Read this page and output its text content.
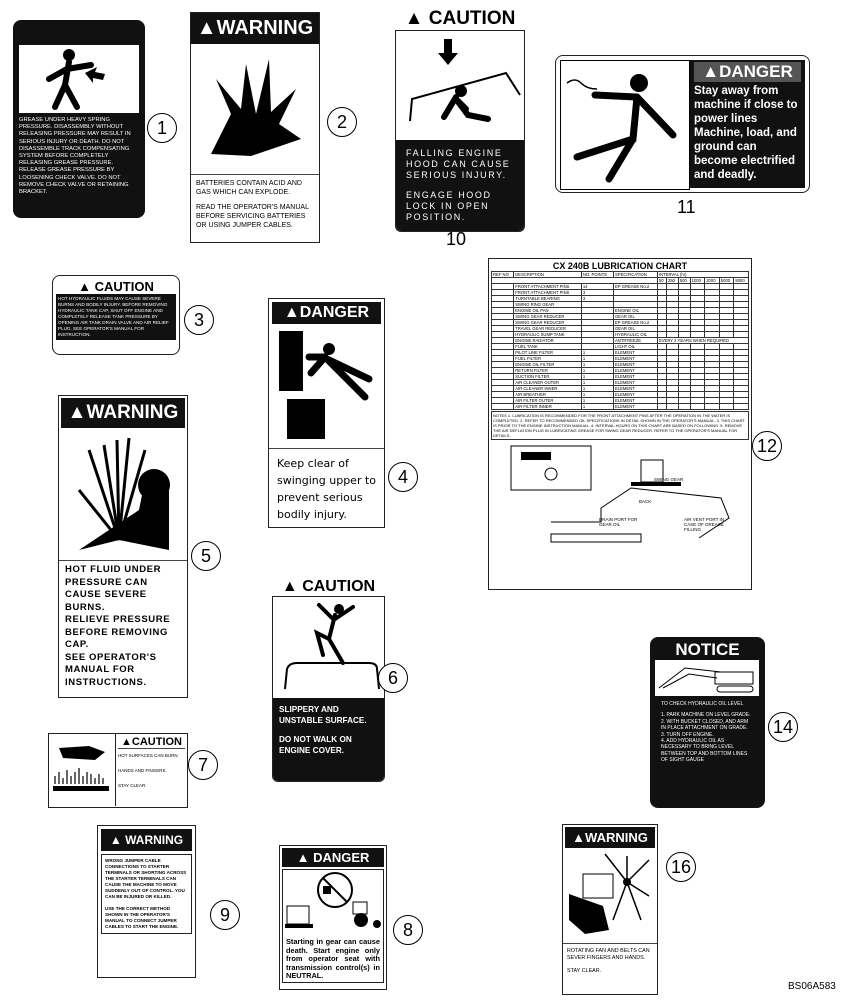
GREASE UNDER HEAVY SPRING PRESSURE. DISASSEMBLY WITHOUT RELEASING PRESSURE MAY RESULT IN SERIOUS INJURY OR DEATH. DO NOT DISASSEMBLE TRACK COMPENSATING SYSTEM BEFORE COMPLETELY RELEASING GREASE PRESSURE. RELEASE GREASE PRESSURE BY LOOSENING CHECK VALVE. DO NOT REMOVE CHECK VALVE OR RETAINING BRACKET.
1
▲WARNING
BATTERIES CONTAIN ACID AND GAS WHICH CAN EXPLODE.
READ THE OPERATOR'S MANUAL BEFORE SERVICING BATTERIES OR USING JUMPER CABLES.
2
▲ CAUTION
FALLING ENGINE HOOD CAN CAUSE SERIOUS INJURY.
ENGAGE HOOD LOCK IN OPEN POSITION.
10
▲DANGER
Stay away from machine if close to power lines Machine, load, and ground can become electrified and deadly.
11
▲ CAUTION
HOT HYDRAULIC FLUIDS MAY CAUSE SEVERE BURNS AND BODILY INJURY. BEFORE REMOVING HYDRAULIC TANK CAP, SHUT OFF ENGINE AND COMPLETELY RELEASE TANK PRESSURE BY OPENING AIR TANK DRAIN VALVE AND AIR RELIEF PLUG. SEE OPERATOR'S MANUAL FOR INSTRUCTION.
3	▲DANGER
Keep clear of swinging upper to prevent serious bodily injury.
4
▲WARNING
HOT FLUID UNDER PRESSURE CAN CAUSE SEVERE BURNS.
RELIEVE PRESSURE BEFORE REMOVING CAP.
SEE OPERATOR'S MANUAL FOR INSTRUCTIONS.
5
CX 240B LUBRICATION CHART
REF NO	DESCRIPTION	NO. POINTS	SPECIFICATION	INTERVAL (hr)						
				50	250	500	1000	2000	5000	8000
	FRONT ATTACHMENT PINS	14	EP GREASE No.2							
	FRONT ATTACHMENT PINS	3								
	TURNTABLE BEARING	3								
	SWING RING GEAR									
	ENGINE OIL PAN		ENGINE OIL							
	SWING GEAR REDUCER		GEAR OIL							
	SWING GEAR REDUCER		EP GREASE No.2							
	TRAVEL GEAR REDUCER		GEAR OIL							
	HYDRAULIC SUMP TANK		HYDRAULIC OIL							
	ENGINE RADIATOR		ANTIFREEZE	EVERY 2 YEARS WHEN REQUIRED						
	FUEL TANK		LIGHT OIL							
	PILOT LINE FILTER	1	ELEMENT							
	FUEL FILTER	1	ELEMENT							
	ENGINE OIL FILTER	1	ELEMENT							
	RETURN FILTER	1	ELEMENT							
	SUCTION FILTER	1	ELEMENT							
	AIR CLEANER OUTER	1	ELEMENT							
	AIR CLEANER INNER	1	ELEMENT							
	AIR BREATHER	1	ELEMENT							
	AIR FILTER OUTER	1	ELEMENT							
	AIR FILTER INNER	1	ELEMENT							
NOTES 1. LUBRICATION IS RECOMMENDED FOR THE FRONT ATTACHMENT PINS AFTER THE OPERATION IN THE WATER IS COMPLETED. 2. REFER TO RECOMMENDED OIL SPECIFICATIONS IN DETAIL SHOWN IN THE OPERATOR'S MANUAL. 3. THIS CHART IS PRIOR TO THE ENGINE INSTRUCTION MANUAL. 4. INTERVAL HOURS ON THIS CHART ARE BASED ON FOLLOWING. 5. REMOVE THE AIR DEFLATION PLUG IN LUBRICATING GREASE FOR SWING GEAR REDUCER. REFER TO THE OPERATOR'S MANUAL FOR DETAILS.
SWING GEAR REDUCER
BACK
DRAIN PORT FOR GEAR OIL
AIR VENT PORT IN CASE OF GREASE FILLING
12
▲ CAUTION
SLIPPERY AND UNSTABLE SURFACE.
DO NOT WALK ON ENGINE COVER.
6
▲CAUTION
HOT SURFACES CAN BURN
HANDS AND FINGERS.
STAY CLEAR.
7
NOTICE
TO CHECK HYDRAULIC OIL LEVEL
1. PARK MACHINE ON LEVEL GRADE.
2. WITH BUCKET CLOSED, AND ARM IN PLACE ATTACHMENT ON GRADE.
3. TURN OFF ENGINE.
4. ADD HYDRAULIC OIL AS NECESSARY TO BRING LEVEL BETWEEN TOP AND BOTTOM LINES OF SIGHT GAUGE
14
▲ WARNING
WRONG JUMPER CABLE CONNECTIONS TO STARTER TERMINALS OR SHORTING ACROSS THE STARTER TERMINALS CAN CAUSE THE MACHINE TO MOVE SUDDENLY OUT OF CONTROL. YOU CAN BE INJURED OR KILLED.
USE THE CORRECT METHOD SHOWN IN THE OPERATOR'S MANUAL TO CONNECT JUMPER CABLES TO START THE ENGINE.
9
▲ DANGER
Starting in gear can cause death. Start engine only from operator seat with transmission control(s) in NEUTRAL.
8
▲WARNING
ROTATING FAN AND BELTS CAN SEVER FINGERS AND HANDS.
STAY CLEAR.
16
BS06A583
